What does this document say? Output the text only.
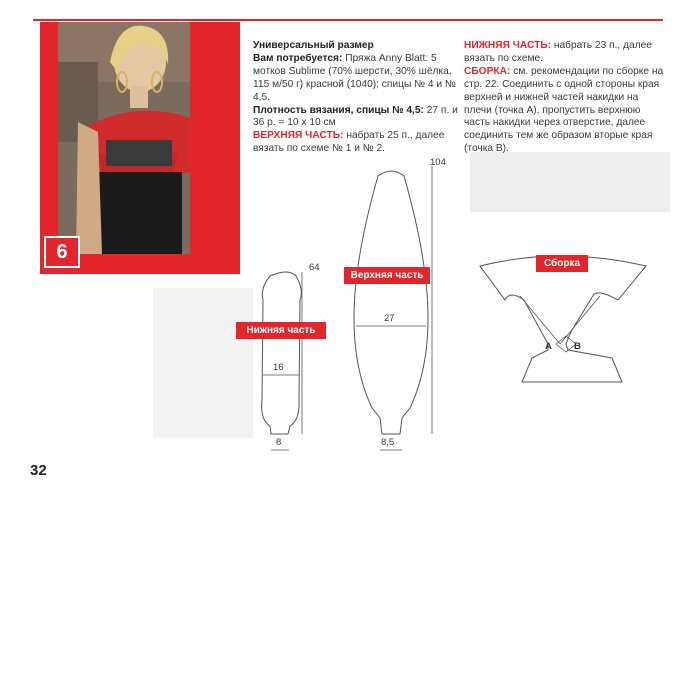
6

Универсальный размер

Вам потребуется: Пряжа Anny Blatt: 5 мотков Sublime (70% шерсти, 30% шёлка, 115 м/50 г) красной (1040); спицы № 4 и № 4,5.

Плотность вязания, спицы № 4,5: 27 п. и 36 р. = 10 х 10 см

ВЕРХНЯЯ ЧАСТЬ: набрать 25 п., далее вязать по схеме № 1 и № 2.

НИЖНЯЯ ЧАСТЬ: набрать 23 п., далее вязать по схеме.

СБОРКА: см. рекомендации по сборке на стр. 22. Соединить с одной стороны края верхней и нижней частей накидки на плечи (точка А), пропустить верхнюю часть накидки через отверстие, далее соединить тем же образом вторые края (точка В).

64
16
8
Нижняя часть
104
27
8,5
Верхняя часть
Сборка
A B
32
